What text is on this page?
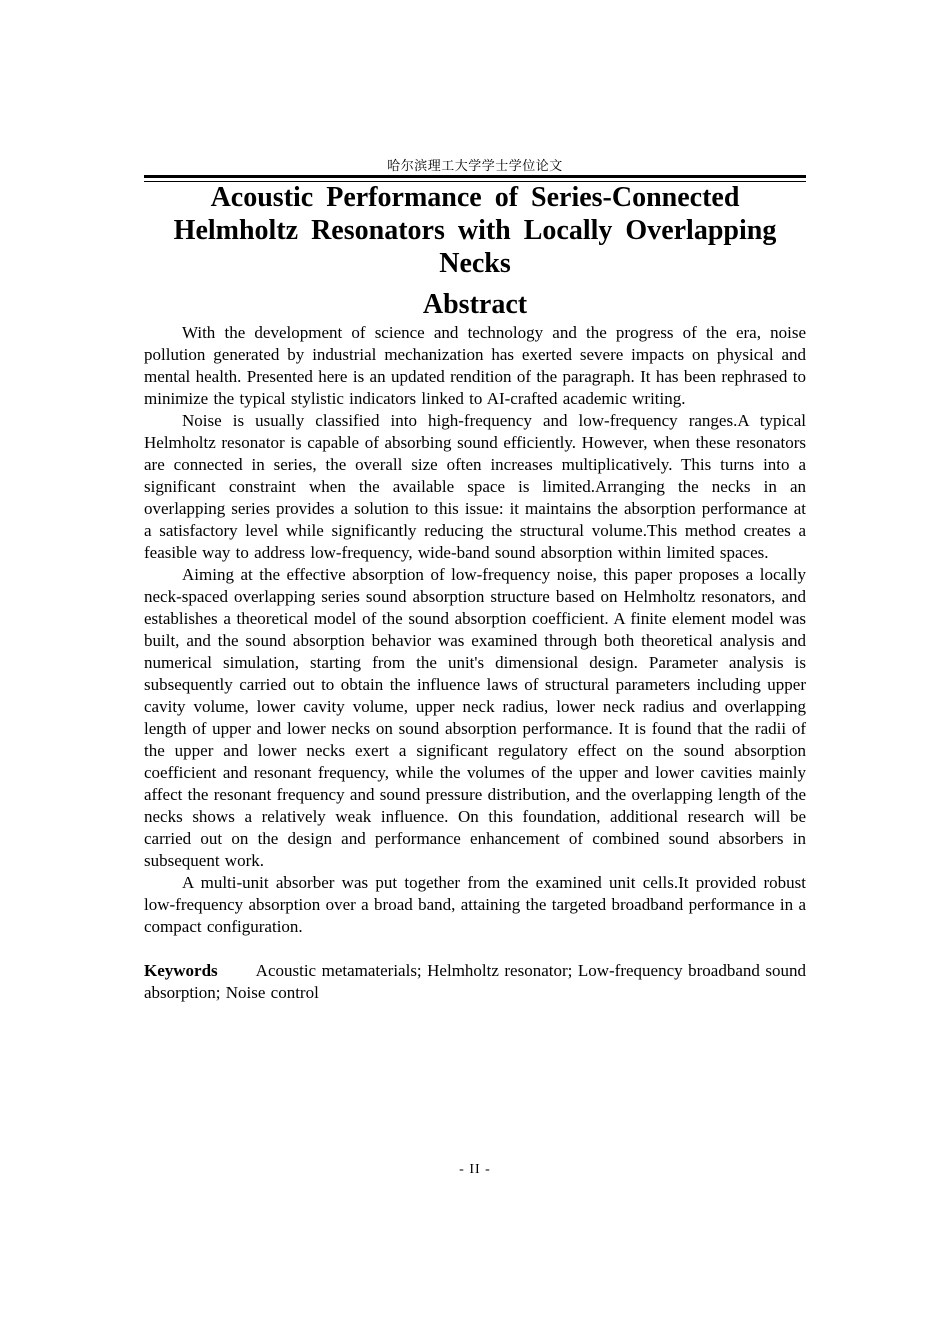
哈尔滨理工大学学士学位论文
Acoustic Performance of Series-Connected Helmholtz Resonators with Locally Overlapping Necks
Abstract

With the development of science and technology and the progress of the era, noise pollution generated by industrial mechanization has exerted severe impacts on physical and mental health. Presented here is an updated rendition of the paragraph. It has been rephrased to minimize the typical stylistic indicators linked to AI-crafted academic writing.

Noise is usually classified into high-frequency and low-frequency ranges.A typical Helmholtz resonator is capable of absorbing sound efficiently. However, when these resonators are connected in series, the overall size often increases multiplicatively. This turns into a significant constraint when the available space is limited.Arranging the necks in an overlapping series provides a solution to this issue: it maintains the absorption performance at a satisfactory level while significantly reducing the structural volume.This method creates a feasible way to address low-frequency, wide-band sound absorption within limited spaces.

Aiming at the effective absorption of low-frequency noise, this paper proposes a locally neck-spaced overlapping series sound absorption structure based on Helmholtz resonators, and establishes a theoretical model of the sound absorption coefficient. A finite element model was built, and the sound absorption behavior was examined through both theoretical analysis and numerical simulation, starting from the unit's dimensional design. Parameter analysis is subsequently carried out to obtain the influence laws of structural parameters including upper cavity volume, lower cavity volume, upper neck radius, lower neck radius and overlapping length of upper and lower necks on sound absorption performance. It is found that the radii of the upper and lower necks exert a significant regulatory effect on the sound absorption coefficient and resonant frequency, while the volumes of the upper and lower cavities mainly affect the resonant frequency and sound pressure distribution, and the overlapping length of the necks shows a relatively weak influence. On this foundation, additional research will be carried out on the design and performance enhancement of combined sound absorbers in subsequent work.

A multi-unit absorber was put together from the examined unit cells.It provided robust low-frequency absorption over a broad band, attaining the targeted broadband performance in a compact configuration.

Keywords Acoustic metamaterials; Helmholtz resonator; Low-frequency broadband sound absorption; Noise control

- II -
